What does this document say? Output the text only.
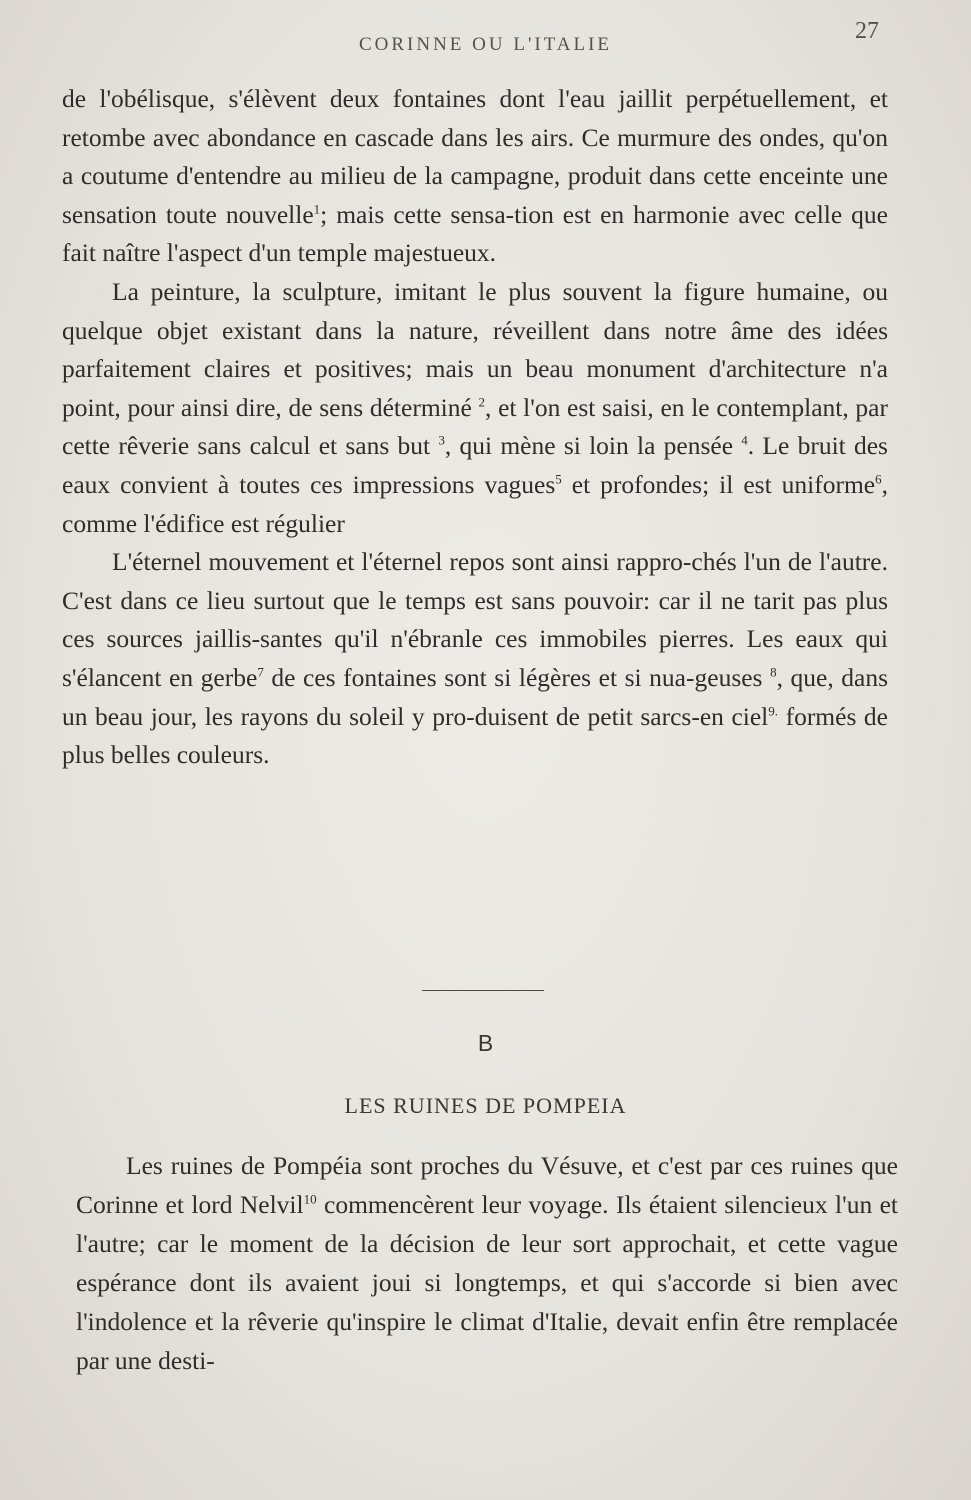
CORINNE OU L'ITALIE
27

de l'obélisque, s'élèvent deux fontaines dont l'eau jaillit perpétuellement, et retombe avec abondance en cascade dans les airs. Ce murmure des ondes, qu'on a coutume d'entendre au milieu de la campagne, produit dans cette enceinte une sensation toute nouvelle$^1$; mais cette sensa-tion est en harmonie avec celle que fait naître l'aspect d'un temple majestueux.

La peinture, la sculpture, imitant le plus souvent la figure humaine, ou quelque objet existant dans la nature, réveillent dans notre âme des idées parfaitement claires et positives; mais un beau monument d'architecture n'a point, pour ainsi dire, de sens déterminé $^2$, et l'on est saisi, en le contemplant, par cette rêverie sans calcul et sans but $^3$, qui mène si loin la pensée $^4$. Le bruit des eaux convient à toutes ces impressions vagues$^5$ et profondes; il est uniforme$^6$, comme l'édifice est régulier

L'éternel mouvement et l'éternel repos sont ainsi rappro-chés l'un de l'autre. C'est dans ce lieu surtout que le temps est sans pouvoir: car il ne tarit pas plus ces sources jaillis-santes qu'il n'ébranle ces immobiles pierres. Les eaux qui s'élancent en gerbe$^7$ de ces fontaines sont si légères et si nua-geuses $^8$, que, dans un beau jour, les rayons du soleil y pro-duisent de petit sarcs-en ciel$^{9.}$ formés de plus belles couleurs.

B
LES RUINES DE POMPEIA

Les ruines de Pompéia sont proches du Vésuve, et c'est par ces ruines que Corinne et lord Nelvil$^{10}$ commencèrent leur voyage. Ils étaient silencieux l'un et l'autre; car le moment de la décision de leur sort approchait, et cette vague espérance dont ils avaient joui si longtemps, et qui s'accorde si bien avec l'indolence et la rêverie qu'inspire le climat d'Italie, devait enfin être remplacée par une desti-
